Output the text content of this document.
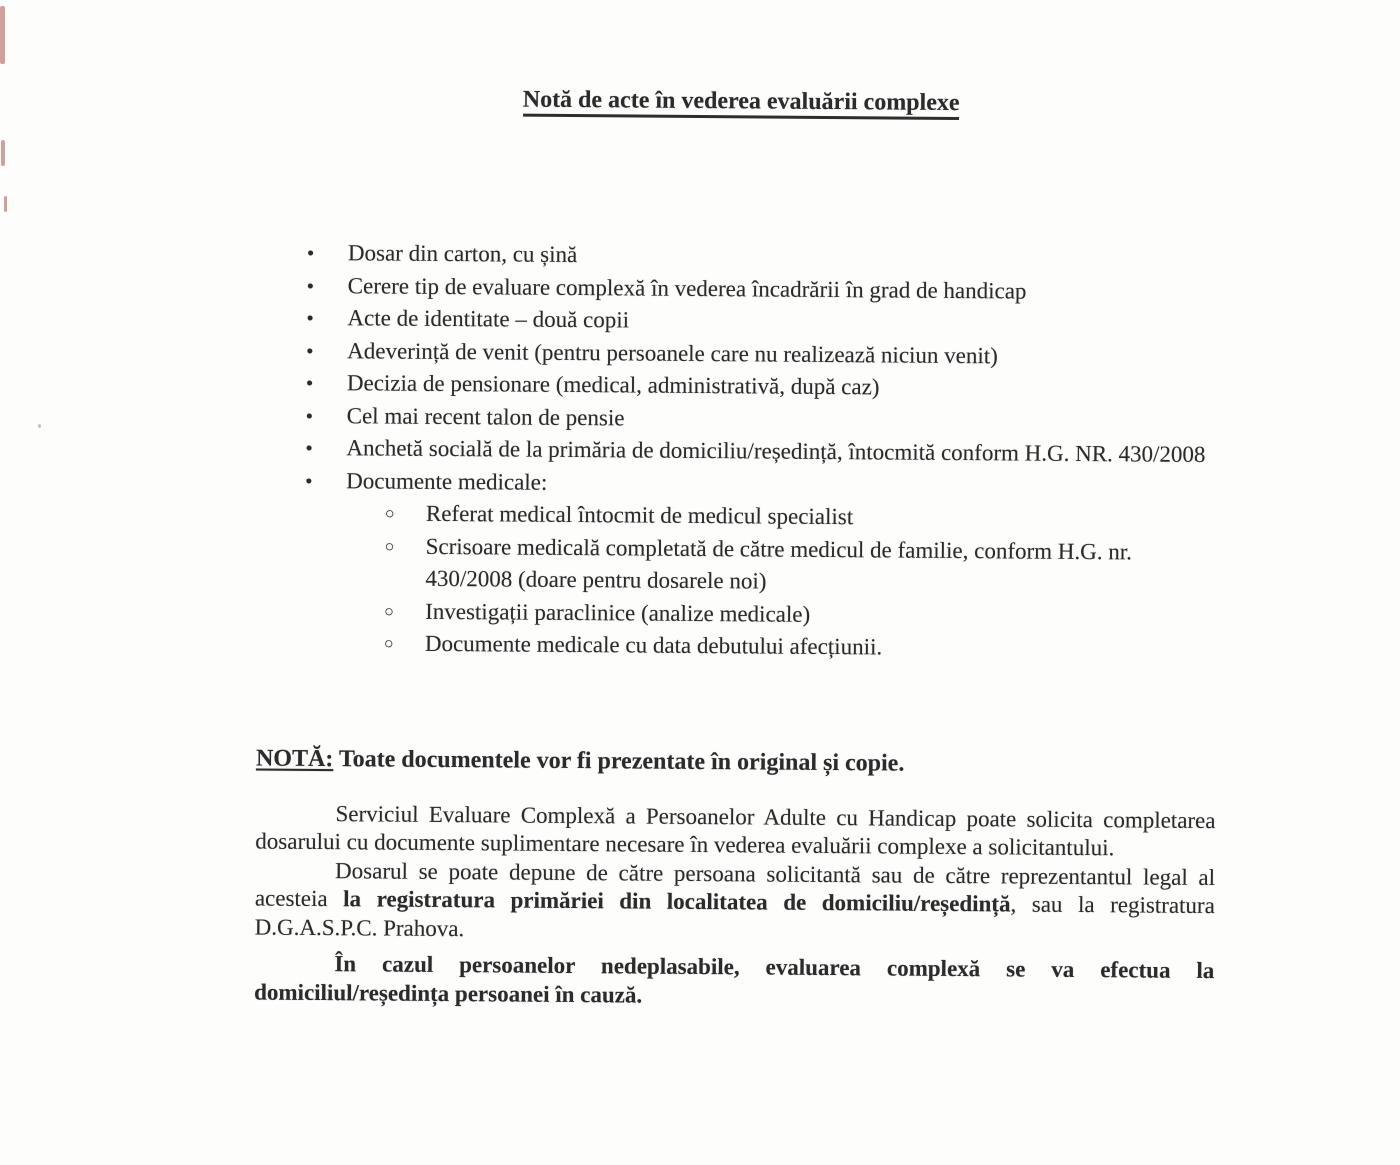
Notă de acte în vederea evaluării complexe
• Dosar din carton, cu șină
• Cerere tip de evaluare complexă în vederea încadrării în grad de handicap
• Acte de identitate – două copii
• Adeverință de venit (pentru persoanele care nu realizează niciun venit)
• Decizia de pensionare (medical, administrativă, după caz)
• Cel mai recent talon de pensie
• Anchetă socială de la primăria de domiciliu/reședință, întocmită conform H.G. NR. 430/2008
• Documente medicale:
○ Referat medical întocmit de medicul specialist
○ Scrisoare medicală completată de către medicul de familie, conform H.G. nr. 430/2008 (doare pentru dosarele noi)
○ Investigații paraclinice (analize medicale)
○ Documente medicale cu data debutului afecțiunii.

NOTĂ: Toate documentele vor fi prezentate în original și copie.

Serviciul Evaluare Complexă a Persoanelor Adulte cu Handicap poate solicita completarea dosarului cu documente suplimentare necesare în vederea evaluării complexe a solicitantului.

Dosarul se poate depune de către persoana solicitantă sau de către reprezentantul legal al acesteia la registratura primăriei din localitatea de domiciliu/reședință, sau la registratura D.G.A.S.P.C. Prahova.

În cazul persoanelor nedeplasabile, evaluarea complexă se va efectua la domiciliul/reședința persoanei în cauză.
